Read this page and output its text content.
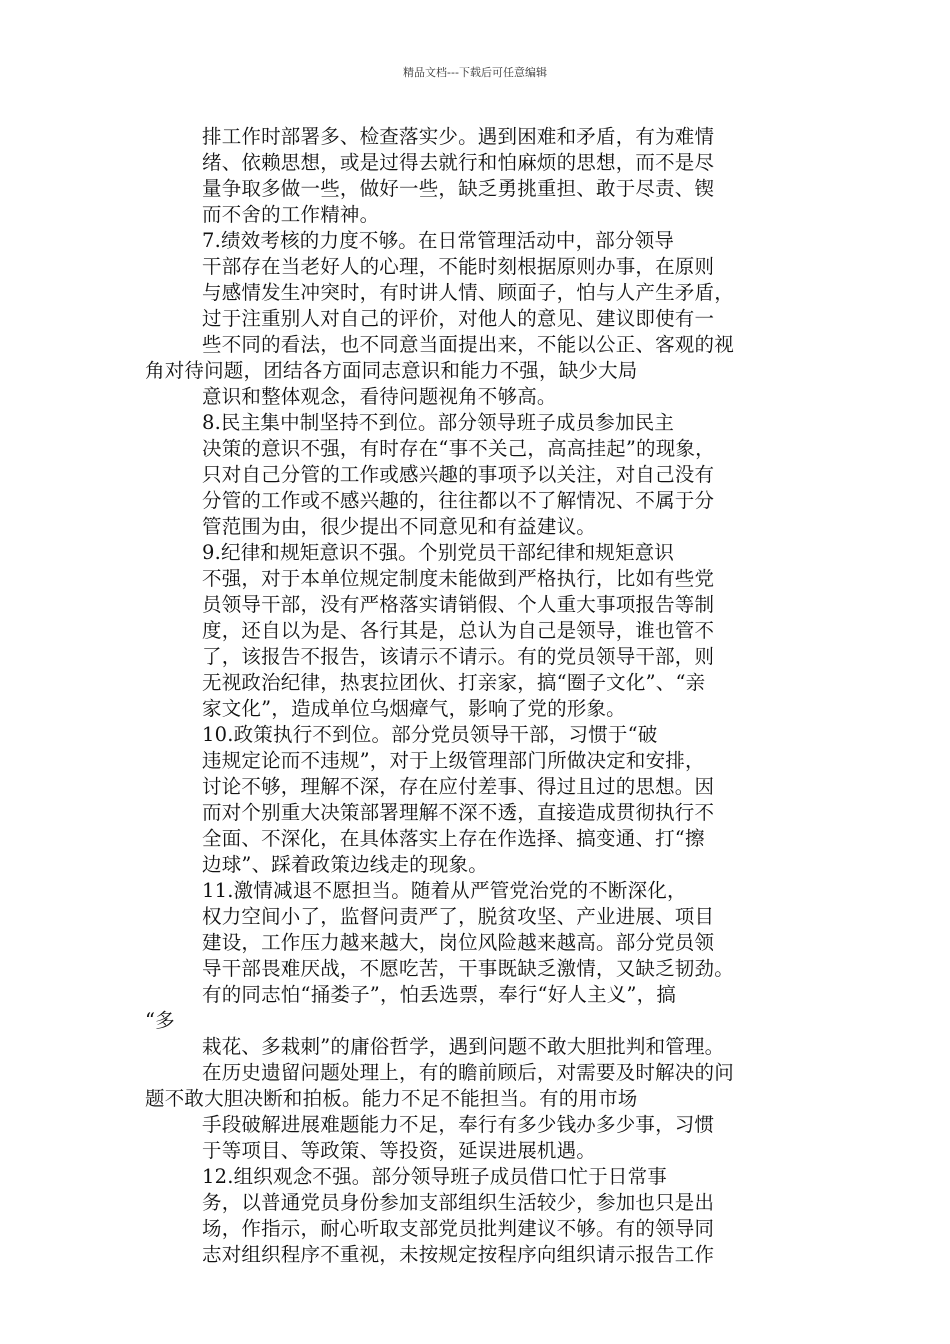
精品文档---下载后可任意编辑
排工作时部署多、检查落实少。遇到困难和矛盾，有为难情
绪、依赖思想，或是过得去就行和怕麻烦的思想，而不是尽
量争取多做一些，做好一些，缺乏勇挑重担、敢于尽责、锲
而不舍的工作精神。
7.绩效考核的力度不够。在日常管理活动中，部分领导
干部存在当老好人的心理，不能时刻根据原则办事，在原则
与感情发生冲突时，有时讲人情、顾面子，怕与人产生矛盾，
过于注重别人对自己的评价，对他人的意见、建议即使有一
些不同的看法，也不同意当面提出来，不能以公正、客观的视
角对待问题，团结各方面同志意识和能力不强，缺少大局
意识和整体观念，看待问题视角不够高。
8.民主集中制坚持不到位。部分领导班子成员参加民主
决策的意识不强，有时存在“事不关己，高高挂起”的现象，
只对自己分管的工作或感兴趣的事项予以关注，对自己没有
分管的工作或不感兴趣的，往往都以不了解情况、不属于分
管范围为由，很少提出不同意见和有益建议。
9.纪律和规矩意识不强。个别党员干部纪律和规矩意识
不强，对于本单位规定制度未能做到严格执行，比如有些党
员领导干部，没有严格落实请销假、个人重大事项报告等制
度，还自以为是、各行其是，总认为自己是领导，谁也管不
了，该报告不报告，该请示不请示。有的党员领导干部，则
无视政治纪律，热衷拉团伙、打亲家，搞“圈子文化”、“亲
家文化”，造成单位乌烟瘴气，影响了党的形象。
10.政策执行不到位。部分党员领导干部，习惯于“破
违规定论而不违规”，对于上级管理部门所做决定和安排，
讨论不够，理解不深，存在应付差事、得过且过的思想。因
而对个别重大决策部署理解不深不透，直接造成贯彻执行不
全面、不深化，在具体落实上存在作选择、搞变通、打“擦
边球”、踩着政策边线走的现象。
11.激情减退不愿担当。随着从严管党治党的不断深化，
权力空间小了，监督问责严了，脱贫攻坚、产业进展、项目
建设，工作压力越来越大，岗位风险越来越高。部分党员领
导干部畏难厌战，不愿吃苦，干事既缺乏激情，又缺乏韧劲。
有的同志怕“捅娄子”，怕丢选票，奉行“好人主义”，搞
“多
栽花、多栽刺”的庸俗哲学，遇到问题不敢大胆批判和管理。
在历史遗留问题处理上，有的瞻前顾后，对需要及时解决的问
题不敢大胆决断和拍板。能力不足不能担当。有的用市场
手段破解进展难题能力不足，奉行有多少钱办多少事，习惯
于等项目、等政策、等投资，延误进展机遇。
12.组织观念不强。部分领导班子成员借口忙于日常事
务，以普通党员身份参加支部组织生活较少，参加也只是出
场，作指示，耐心听取支部党员批判建议不够。有的领导同
志对组织程序不重视，未按规定按程序向组织请示报告工作
